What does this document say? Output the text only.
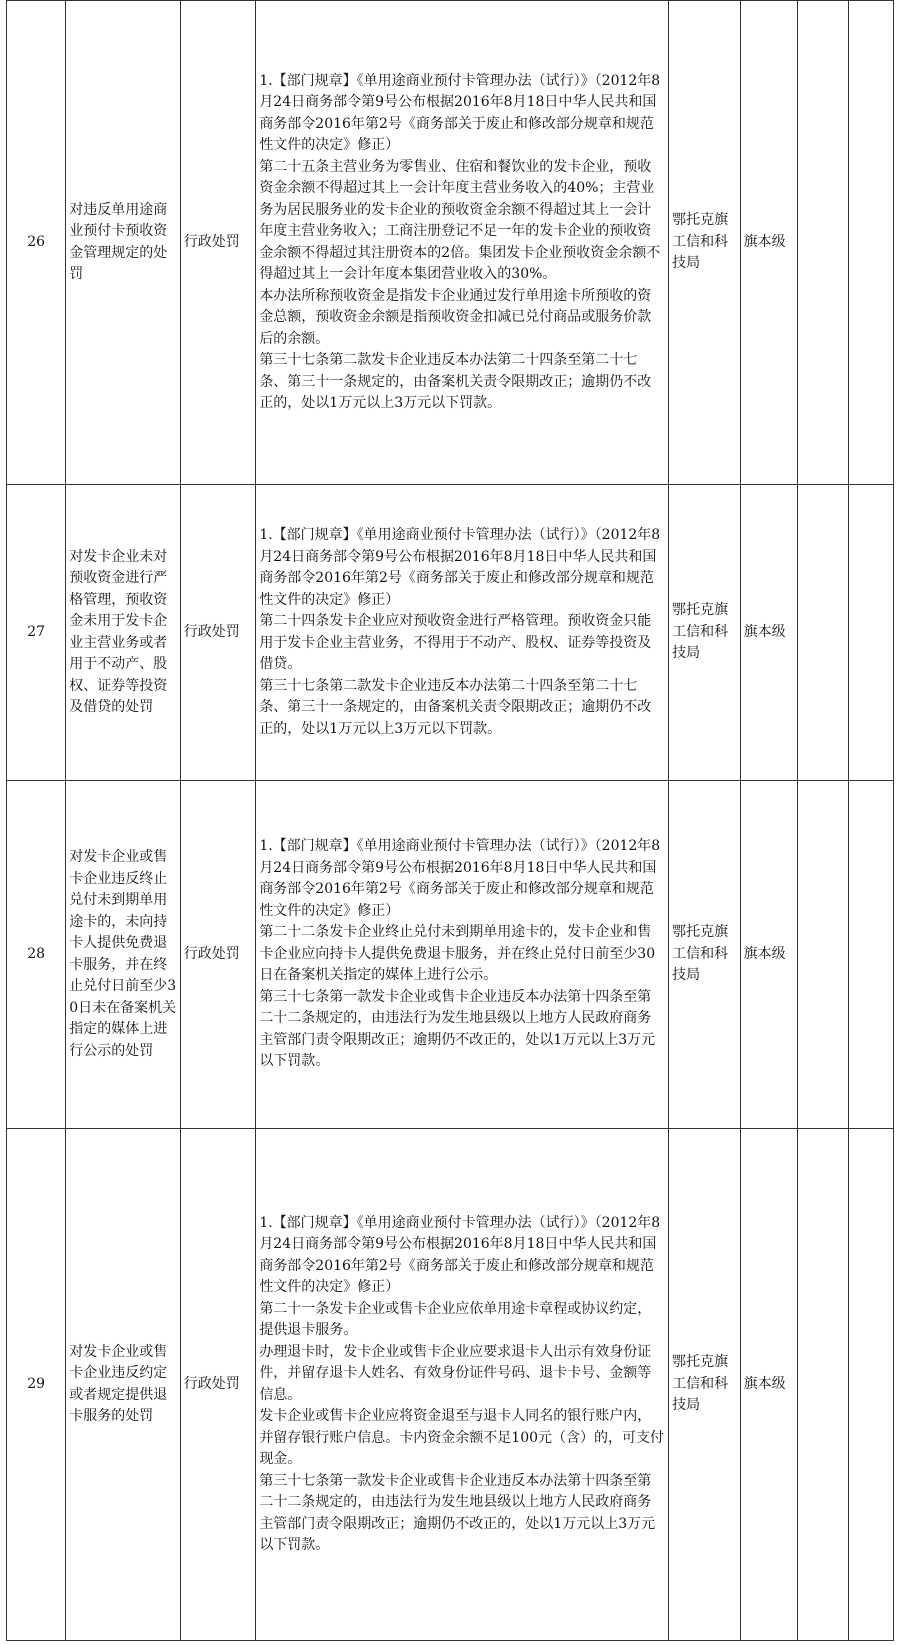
26	对违反单用途商业预付卡预收资金管理规定的处罚	行政处罚	1.【部门规章】《单用途商业预付卡管理办法（试行）》（2012年8月24日商务部令第9号公布根据2016年8月18日中华人民共和国商务部令2016年第2号《商务部关于废止和修改部分规章和规范性文件的决定》修正）
第二十五条主营业务为零售业、住宿和餐饮业的发卡企业，预收资金余额不得超过其上一会计年度主营业务收入的40%；主营业务为居民服务业的发卡企业的预收资金余额不得超过其上一会计年度主营业务收入；工商注册登记不足一年的发卡企业的预收资金余额不得超过其注册资本的2倍。集团发卡企业预收资金余额不得超过其上一会计年度本集团营业收入的30%。
本办法所称预收资金是指发卡企业通过发行单用途卡所预收的资金总额，预收资金余额是指预收资金扣减已兑付商品或服务价款后的余额。
第三十七条第二款发卡企业违反本办法第二十四条至第二十七条、第三十一条规定的，由备案机关责令限期改正；逾期仍不改正的，处以1万元以上3万元以下罚款。	鄂托克旗工信和科技局	旗本级		
27	对发卡企业未对预收资金进行严格管理，预收资金未用于发卡企业主营业务或者用于不动产、股权、证券等投资及借贷的处罚	行政处罚	1.【部门规章】《单用途商业预付卡管理办法（试行）》（2012年8月24日商务部令第9号公布根据2016年8月18日中华人民共和国商务部令2016年第2号《商务部关于废止和修改部分规章和规范性文件的决定》修正）
第二十四条发卡企业应对预收资金进行严格管理。预收资金只能用于发卡企业主营业务，不得用于不动产、股权、证券等投资及借贷。
第三十七条第二款发卡企业违反本办法第二十四条至第二十七条、第三十一条规定的，由备案机关责令限期改正；逾期仍不改正的，处以1万元以上3万元以下罚款。	鄂托克旗工信和科技局	旗本级		
28	对发卡企业或售卡企业违反终止兑付未到期单用途卡的，未向持卡人提供免费退卡服务，并在终止兑付日前至少30日未在备案机关指定的媒体上进行公示的处罚	行政处罚	1.【部门规章】《单用途商业预付卡管理办法（试行）》（2012年8月24日商务部令第9号公布根据2016年8月18日中华人民共和国商务部令2016年第2号《商务部关于废止和修改部分规章和规范性文件的决定》修正）
第二十二条发卡企业终止兑付未到期单用途卡的，发卡企业和售卡企业应向持卡人提供免费退卡服务，并在终止兑付日前至少30日在备案机关指定的媒体上进行公示。
第三十七条第一款发卡企业或售卡企业违反本办法第十四条至第二十二条规定的，由违法行为发生地县级以上地方人民政府商务主管部门责令限期改正；逾期仍不改正的，处以1万元以上3万元以下罚款。	鄂托克旗工信和科技局	旗本级		
29	对发卡企业或售卡企业违反约定或者规定提供退卡服务的处罚	行政处罚	1.【部门规章】《单用途商业预付卡管理办法（试行）》（2012年8月24日商务部令第9号公布根据2016年8月18日中华人民共和国商务部令2016年第2号《商务部关于废止和修改部分规章和规范性文件的决定》修正）
第二十一条发卡企业或售卡企业应依单用途卡章程或协议约定，提供退卡服务。
办理退卡时，发卡企业或售卡企业应要求退卡人出示有效身份证件，并留存退卡人姓名、有效身份证件号码、退卡卡号、金额等信息。
发卡企业或售卡企业应将资金退至与退卡人同名的银行账户内，并留存银行账户信息。卡内资金余额不足100元（含）的，可支付现金。
第三十七条第一款发卡企业或售卡企业违反本办法第十四条至第二十二条规定的，由违法行为发生地县级以上地方人民政府商务主管部门责令限期改正；逾期仍不改正的，处以1万元以上3万元以下罚款。	鄂托克旗工信和科技局	旗本级		
